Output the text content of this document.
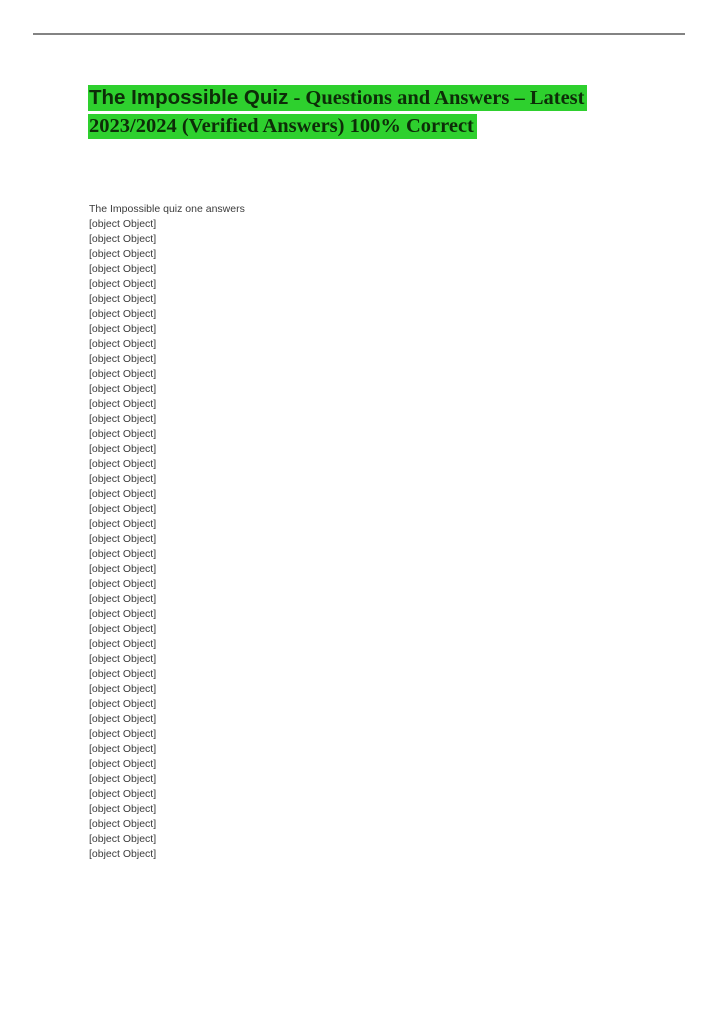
The Impossible Quiz - Questions and Answers – Latest
2023/2024 (Verified Answers) 100% Correct
The Impossible quiz one answers
[object Object]
[object Object]
[object Object]
[object Object]
[object Object]
[object Object]
[object Object]
[object Object]
[object Object]
[object Object]
[object Object]
[object Object]
[object Object]
[object Object]
[object Object]
[object Object]
[object Object]
[object Object]
[object Object]
[object Object]
[object Object]
[object Object]
[object Object]
[object Object]
[object Object]
[object Object]
[object Object]
[object Object]
[object Object]
[object Object]
[object Object]
[object Object]
[object Object]
[object Object]
[object Object]
[object Object]
[object Object]
[object Object]
[object Object]
[object Object]
[object Object]
[object Object]
[object Object]
